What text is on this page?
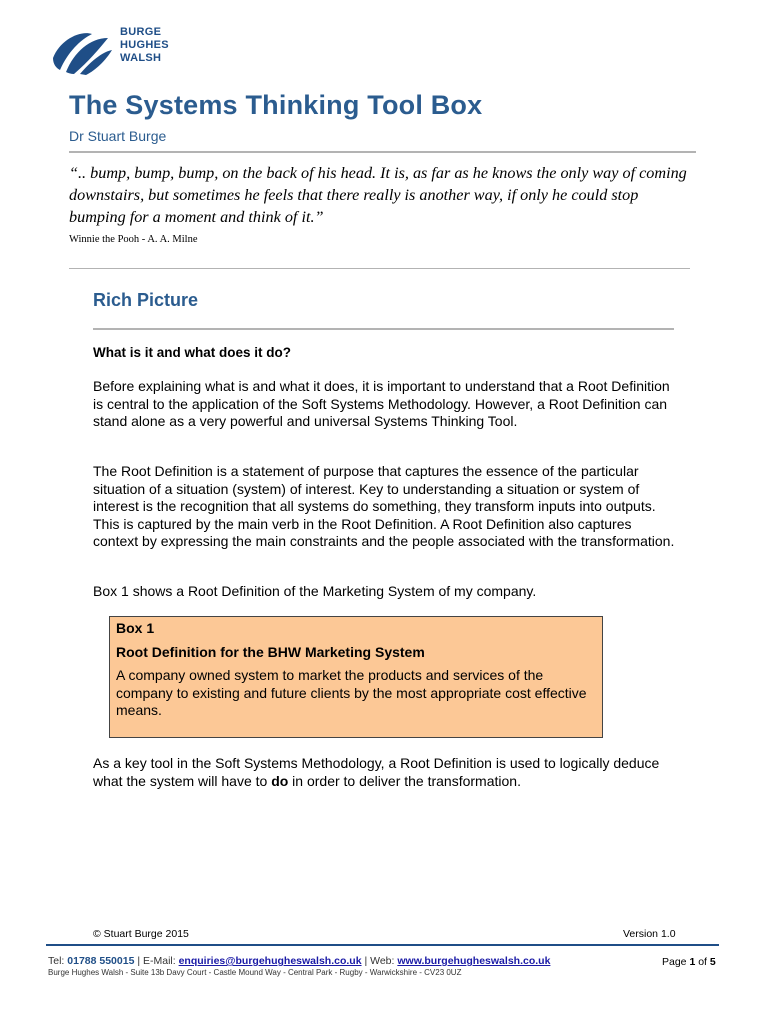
BURGE
HUGHES
WALSH
The Systems Thinking Tool Box
Dr Stuart Burge
“.. bump, bump, bump, on the back of his head. It is, as far as he knows the only way of coming downstairs, but sometimes he feels that there really is another way, if only he could stop bumping for a moment and think of it.”
Winnie the Pooh - A. A. Milne
Rich Picture
What is it and what does it do?

Before explaining what is and what it does, it is important to understand that a Root Definition is central to the application of the Soft Systems Methodology. However, a Root Definition can stand alone as a very powerful and universal Systems Thinking Tool.

The Root Definition is a statement of purpose that captures the essence of the particular situation of a situation (system) of interest. Key to understanding a situation or system of interest is the recognition that all systems do something, they transform inputs into outputs. This is captured by the main verb in the Root Definition. A Root Definition also captures context by expressing the main constraints and the people associated with the transformation.

Box 1 shows a Root Definition of the Marketing System of my company.

Box 1
Root Definition for the BHW Marketing System
A company owned system to market the products and services of the company to existing and future clients by the most appropriate cost effective means.

As a key tool in the Soft Systems Methodology, a Root Definition is used to logically deduce what the system will have to do in order to deliver the transformation.

© Stuart Burge 2015	Version 1.0
Tel: 01788 550015 | E-Mail: enquiries@burgehugheswalsh.co.uk | Web: www.burgehugheswalsh.co.uk
Burge Hughes Walsh - Suite 13b Davy Court - Castle Mound Way - Central Park - Rugby - Warwickshire - CV23 0UZ
Page 1 of 5
